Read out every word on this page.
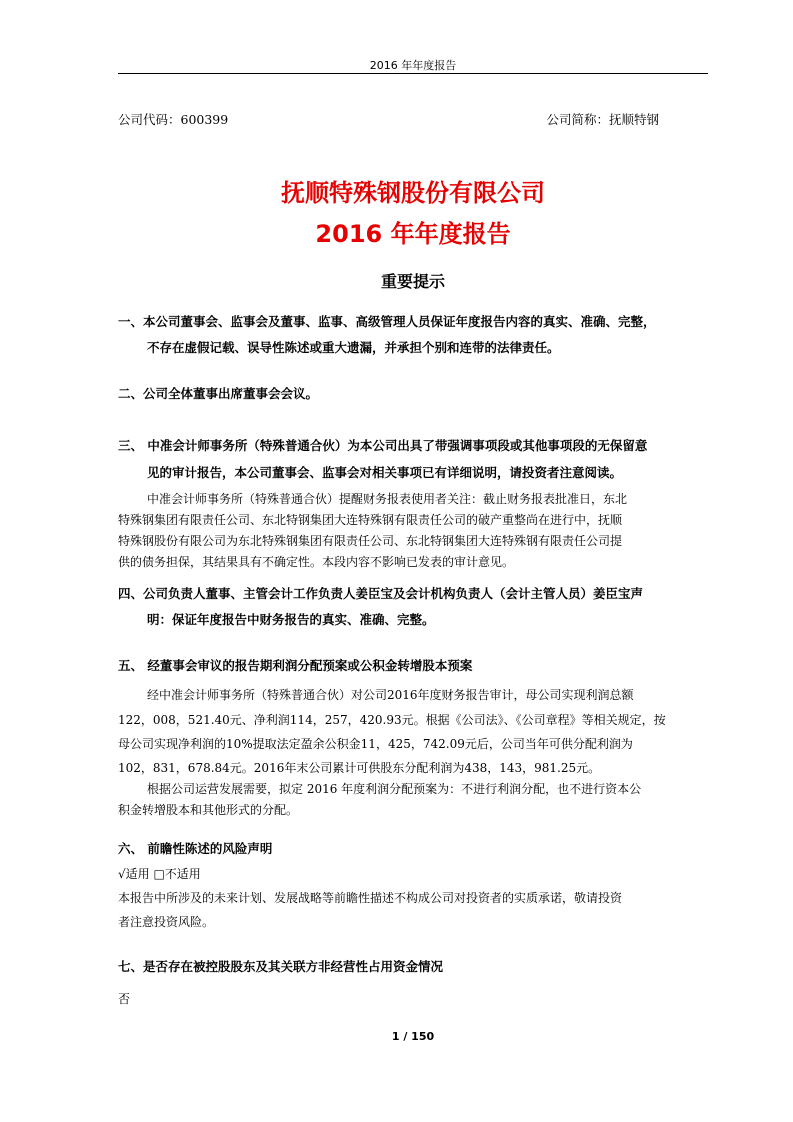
2016 年年度报告
公司代码：600399	公司简称：抚顺特钢
抚顺特殊钢股份有限公司
2016 年年度报告
重要提示
一、本公司董事会、监事会及董事、监事、高级管理人员保证年度报告内容的真实、准确、完整，
不存在虚假记载、误导性陈述或重大遗漏，并承担个别和连带的法律责任。
二、公司全体董事出席董事会会议。
三、 中准会计师事务所（特殊普通合伙）为本公司出具了带强调事项段或其他事项段的无保留意
见的审计报告，本公司董事会、监事会对相关事项已有详细说明，请投资者注意阅读。
中准会计师事务所（特殊普通合伙）提醒财务报表使用者关注：截止财务报表批准日，东北
特殊钢集团有限责任公司、东北特钢集团大连特殊钢有限责任公司的破产重整尚在进行中，抚顺
特殊钢股份有限公司为东北特殊钢集团有限责任公司、东北特钢集团大连特殊钢有限责任公司提
供的债务担保，其结果具有不确定性。本段内容不影响已发表的审计意见。
四、公司负责人董事、主管会计工作负责人姜臣宝及会计机构负责人（会计主管人员）姜臣宝声
明：保证年度报告中财务报告的真实、准确、完整。
五、 经董事会审议的报告期利润分配预案或公积金转增股本预案
经中准会计师事务所（特殊普通合伙）对公司2016年度财务报告审计，母公司实现利润总额
122，008，521.40元、净利润114，257，420.93元。根据《公司法》、《公司章程》等相关规定，按
母公司实现净利润的10%提取法定盈余公积金11，425，742.09元后，公司当年可供分配利润为
102，831，678.84元。2016年末公司累计可供股东分配利润为438，143，981.25元。
根据公司运营发展需要，拟定 2016 年度利润分配预案为：不进行利润分配，也不进行资本公
积金转增股本和其他形式的分配。
六、 前瞻性陈述的风险声明
√适用 □不适用
本报告中所涉及的未来计划、发展战略等前瞻性描述不构成公司对投资者的实质承诺，敬请投资
者注意投资风险。
七、是否存在被控股股东及其关联方非经营性占用资金情况
否
1 / 150
